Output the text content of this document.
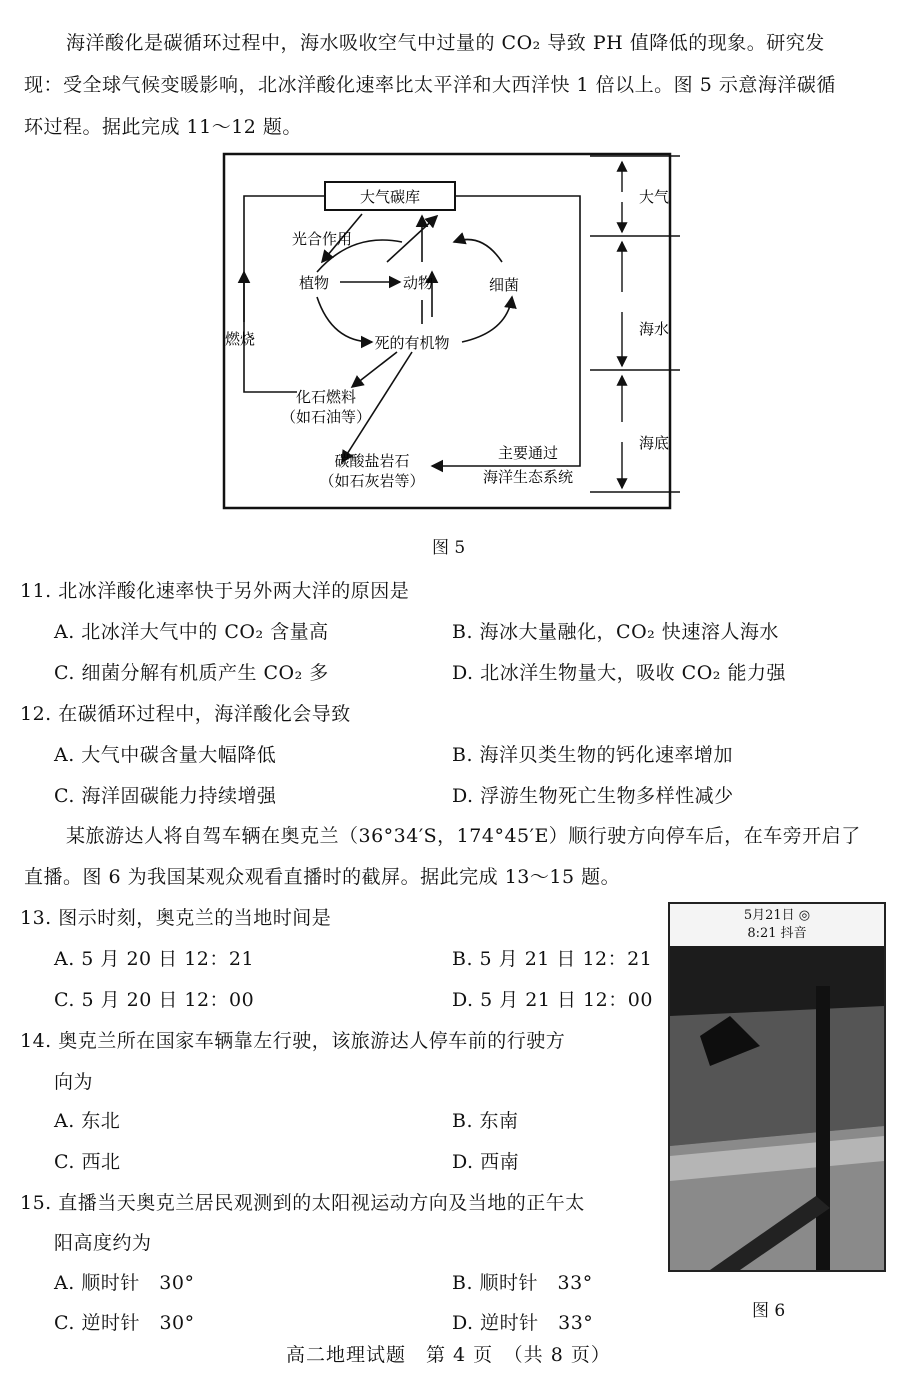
海洋酸化是碳循环过程中，海水吸收空气中过量的 CO₂ 导致 PH 值降低的现象。研究发
现：受全球气候变暖影响，北冰洋酸化速率比太平洋和大西洋快 1 倍以上。图 5 示意海洋碳循
环过程。据此完成 11～12 题。
大气碳库
光合作用
植物	动物	细菌
燃烧	死的有机物
化石燃料
（如石油等）
碳酸盐岩石
（如石灰岩等）
主要通过
海洋生态系统
大气
海水
海底
图 5
11. 北冰洋酸化速率快于另外两大洋的原因是
A. 北冰洋大气中的 CO₂ 含量高	B. 海冰大量融化，CO₂ 快速溶人海水
C. 细菌分解有机质产生 CO₂ 多	D. 北冰洋生物量大，吸收 CO₂ 能力强
12. 在碳循环过程中，海洋酸化会导致
A. 大气中碳含量大幅降低	B. 海洋贝类生物的钙化速率增加
C. 海洋固碳能力持续增强	D. 浮游生物死亡生物多样性减少
某旅游达人将自驾车辆在奥克兰（36°34′S，174°45′E）顺行驶方向停车后，在车旁开启了
直播。图 6 为我国某观众观看直播时的截屏。据此完成 13～15 题。
13. 图示时刻，奥克兰的当地时间是
A. 5 月 20 日 12：21	B. 5 月 21 日 12：21
C. 5 月 20 日 12：00	D. 5 月 21 日 12：00
14. 奥克兰所在国家车辆靠左行驶，该旅游达人停车前的行驶方
向为
A. 东北	B. 东南
C. 西北	D. 西南
15. 直播当天奥克兰居民观测到的太阳视运动方向及当地的正午太
阳高度约为
A. 顺时针　30°	B. 顺时针　33°
C. 逆时针　30°	D. 逆时针　33°
5月21日 ◎
8:21 抖音
图 6
高二地理试题　第 4 页　（共 8 页）
